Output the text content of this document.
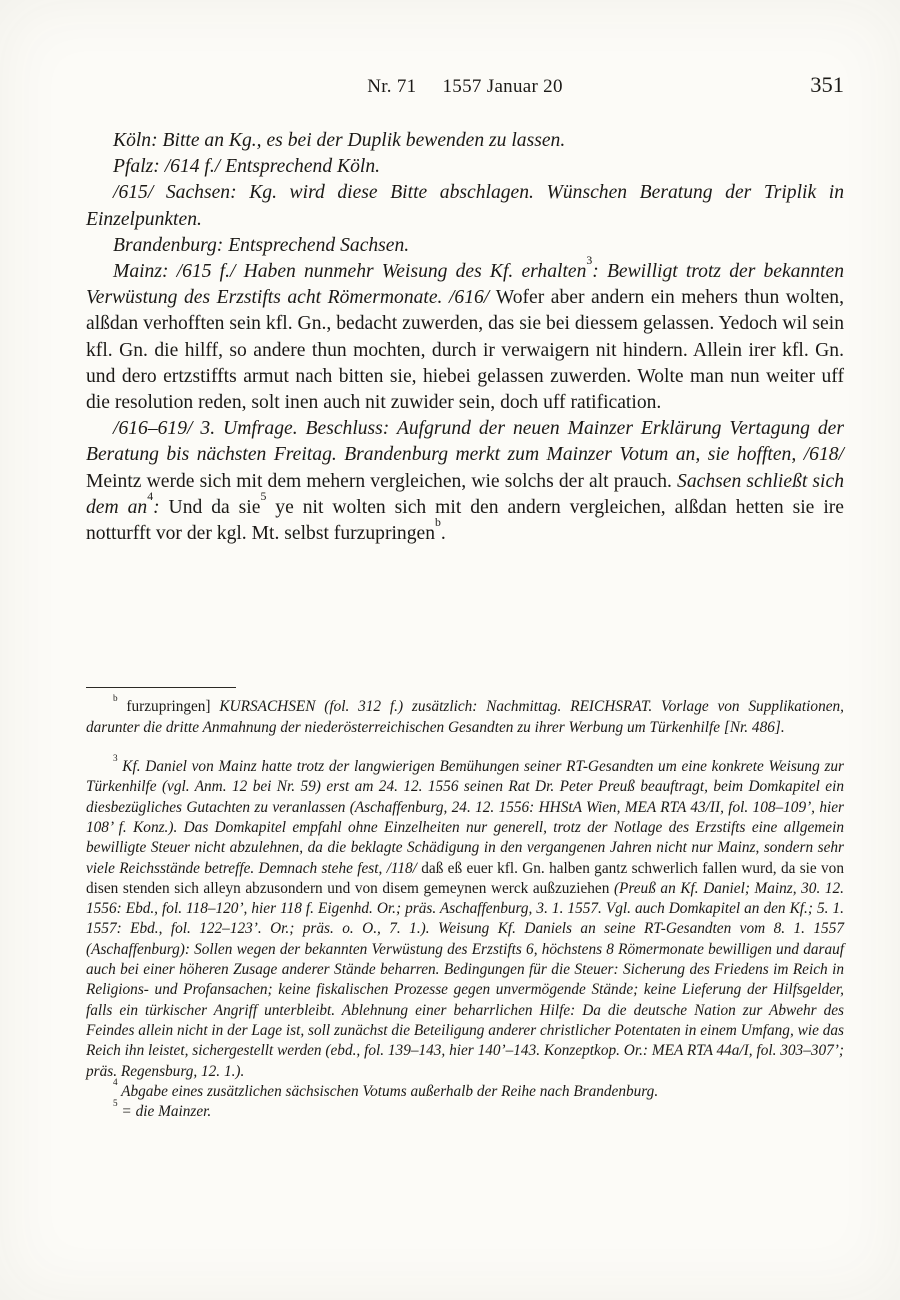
Nr. 71 1557 Januar 20	351

Köln: Bitte an Kg., es bei der Duplik bewenden zu lassen.

Pfalz: /614 f./ Entsprechend Köln.

/615/ Sachsen: Kg. wird diese Bitte abschlagen. Wünschen Beratung der Triplik in Einzelpunkten.

Brandenburg: Entsprechend Sachsen.

Mainz: /615 f./ Haben nunmehr Weisung des Kf. erhalten$^3$: Bewilligt trotz der bekannten Verwüstung des Erzstifts acht Römermonate. /616/ Wofer aber andern ein mehers thun wolten, alßdan verhofften sein kfl. Gn., bedacht zuwerden, das sie bei diessem gelassen. Yedoch wil sein kfl. Gn. die hilff, so andere thun mochten, durch ir verwaigern nit hindern. Allein irer kfl. Gn. und dero ertzstiffts armut nach bitten sie, hiebei gelassen zuwerden. Wolte man nun weiter uff die resolution reden, solt inen auch nit zuwider sein, doch uff ratification.

/616–619/ 3. Umfrage. Beschluss: Aufgrund der neuen Mainzer Erklärung Vertagung der Beratung bis nächsten Freitag. Brandenburg merkt zum Mainzer Votum an, sie hofften, /618/ Meintz werde sich mit dem mehern vergleichen, wie solchs der alt prauch. Sachsen schließt sich dem $an^4$: Und da sie$^5$ ye nit wolten sich mit den andern vergleichen, alßdan hetten sie ire notturfft vor der kgl. Mt. selbst furzupringen$^b$.

$^b$ furzupringen] KURSACHSEN (fol. 312 f.) zusätzlich: Nachmittag. REICHSRAT. Vorlage von Supplikationen, darunter die dritte Anmahnung der niederösterreichischen Gesandten zu ihrer Werbung um Türkenhilfe [Nr. 486].

$^3$ Kf. Daniel von Mainz hatte trotz der langwierigen Bemühungen seiner RT-Gesandten um eine konkrete Weisung zur Türkenhilfe (vgl. Anm. 12 bei Nr. 59) erst am 24. 12. 1556 seinen Rat Dr. Peter Preuß beauftragt, beim Domkapitel ein diesbezügliches Gutachten zu veranlassen (Aschaffenburg, 24. 12. 1556: HHStA Wien, MEA RTA 43/II, fol. 108–109’, hier 108’ f. Konz.). Das Domkapitel empfahl ohne Einzelheiten nur generell, trotz der Notlage des Erzstifts eine allgemein bewilligte Steuer nicht abzulehnen, da die beklagte Schädigung in den vergangenen Jahren nicht nur Mainz, sondern sehr viele Reichsstände betreffe. Demnach stehe fest, /118/ daß eß euer kfl. Gn. halben gantz schwerlich fallen wurd, da sie von disen stenden sich alleyn abzusondern und von disem gemeynen werck außzuziehen (Preuß an Kf. Daniel; Mainz, 30. 12. 1556: Ebd., fol. 118–120’, hier 118 f. Eigenhd. Or.; präs. Aschaffenburg, 3. 1. 1557. Vgl. auch Domkapitel an den Kf.; 5. 1. 1557: Ebd., fol. 122–123’. Or.; präs. o. O., 7. 1.). Weisung Kf. Daniels an seine RT-Gesandten vom 8. 1. 1557 (Aschaffenburg): Sollen wegen der bekannten Verwüstung des Erzstifts 6, höchstens 8 Römermonate bewilligen und darauf auch bei einer höheren Zusage anderer Stände beharren. Bedingungen für die Steuer: Sicherung des Friedens im Reich in Religions- und Profansachen; keine fiskalischen Prozesse gegen unvermögende Stände; keine Lieferung der Hilfsgelder, falls ein türkischer Angriff unterbleibt. Ablehnung einer beharrlichen Hilfe: Da die deutsche Nation zur Abwehr des Feindes allein nicht in der Lage ist, soll zunächst die Beteiligung anderer christlicher Potentaten in einem Umfang, wie das Reich ihn leistet, sichergestellt werden (ebd., fol. 139–143, hier 140’–143. Konzeptkop. Or.: MEA RTA 44a/I, fol. 303–307’; präs. Regensburg, 12. 1.).

$^4$ Abgabe eines zusätzlichen sächsischen Votums außerhalb der Reihe nach Brandenburg.

$^5$ = die Mainzer.
